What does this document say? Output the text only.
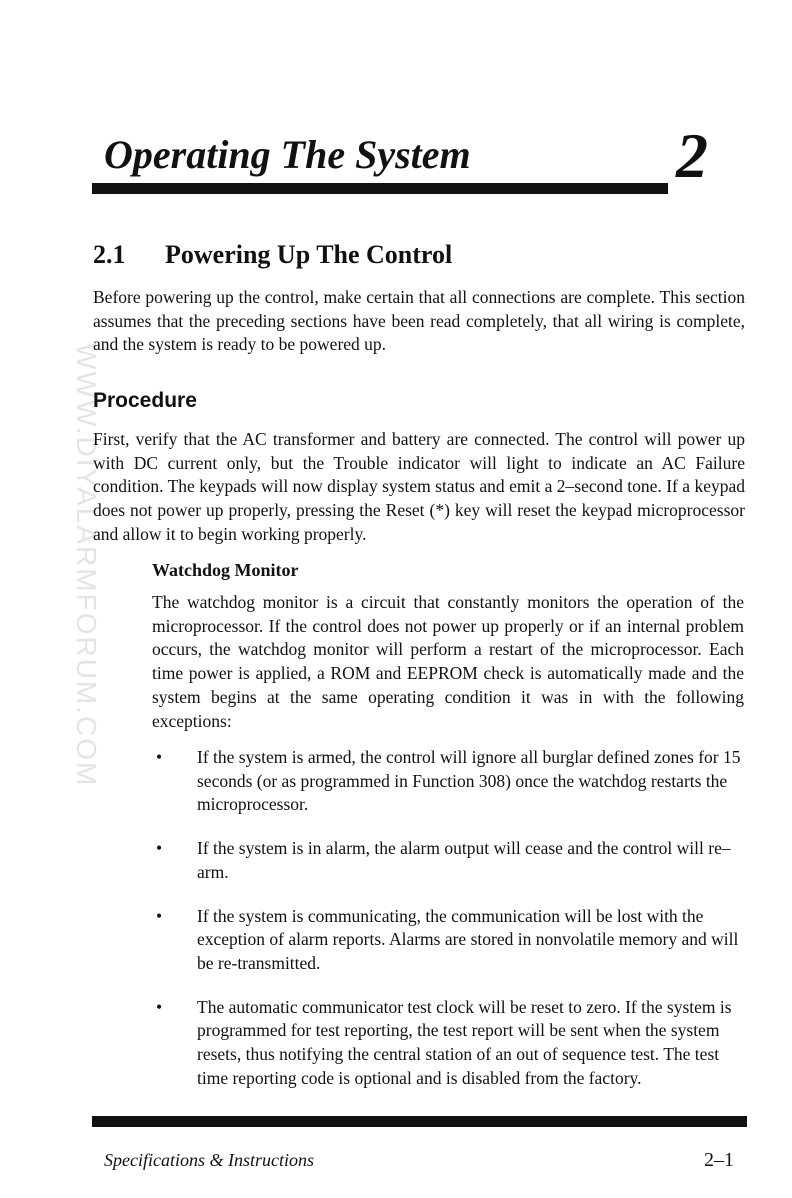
WWW.DIYALARMFORUM.COM
Operating The System	2
2.1 Powering Up The Control

Before powering up the control, make certain that all connections are complete. This section assumes that the preceding sections have been read completely, that all wiring is complete, and the system is ready to be powered up.

Procedure

First, verify that the AC transformer and battery are connected. The control will power up with DC current only, but the Trouble indicator will light to indicate an AC Failure condition. The keypads will now display system status and emit a 2–second tone. If a keypad does not power up properly, pressing the Reset (*) key will reset the keypad microprocessor and allow it to begin working properly.

Watchdog Monitor

The watchdog monitor is a circuit that constantly monitors the operation of the microprocessor. If the control does not power up properly or if an internal problem occurs, the watchdog monitor will perform a restart of the microprocessor. Each time power is applied, a ROM and EEPROM check is automatically made and the system begins at the same operating condition it was in with the following exceptions:

• If the system is armed, the control will ignore all burglar defined zones for 15 seconds (or as programmed in Function 308) once the watchdog restarts the microprocessor.
• If the system is in alarm, the alarm output will cease and the control will re–arm.
• If the system is communicating, the communication will be lost with the exception of alarm reports. Alarms are stored in nonvolatile memory and will be re-transmitted.
• The automatic communicator test clock will be reset to zero. If the system is programmed for test reporting, the test report will be sent when the system resets, thus notifying the central station of an out of sequence test. The test time reporting code is optional and is disabled from the factory.
Specifications & Instructions	2–1
